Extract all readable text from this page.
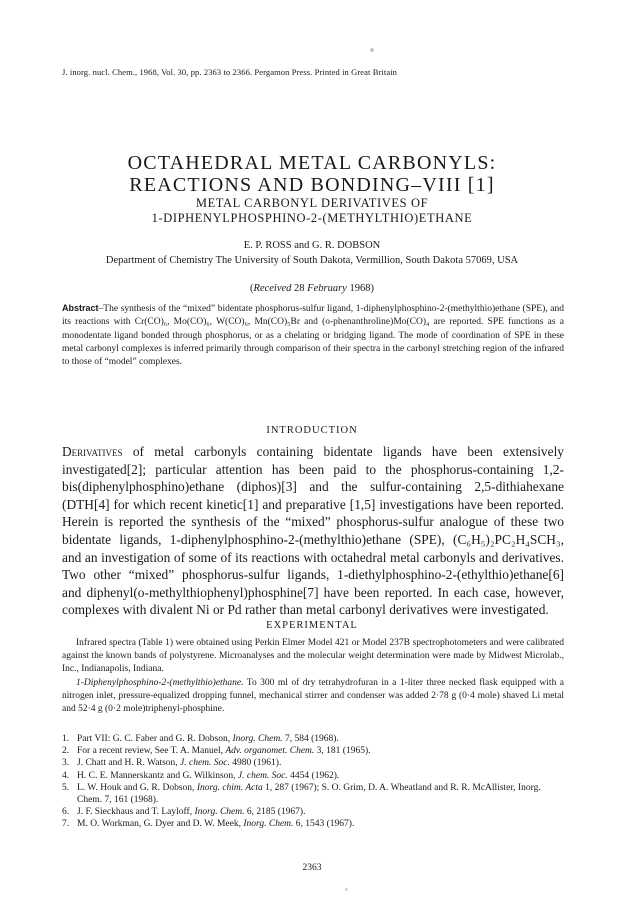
J. inorg. nucl. Chem., 1968, Vol. 30, pp. 2363 to 2366. Pergamon Press. Printed in Great Britain
OCTAHEDRAL METAL CARBONYLS:
REACTIONS AND BONDING–VIII [1]
METAL CARBONYL DERIVATIVES OF
1-DIPHENYLPHOSPHINO-2-(METHYLTHIO)ETHANE
E. P. ROSS and G. R. DOBSON
Department of Chemistry The University of South Dakota, Vermillion, South Dakota 57069, USA
(Received 28 February 1968)
Abstract–The synthesis of the “mixed” bidentate phosphorus-sulfur ligand, 1-diphenylphosphino-2-(methylthio)ethane (SPE), and its reactions with Cr(CO)₆, Mo(CO)₆, W(CO)₆, Mn(CO)₅Br and (o-phenanthroline)Mo(CO)₄ are reported. SPE functions as a monodentate ligand bonded through phosphorus, or as a chelating or bridging ligand. The mode of coordination of SPE in these metal carbonyl complexes is inferred primarily through comparison of their spectra in the carbonyl stretching region of the infrared to those of “model” complexes.
INTRODUCTION
Derivatives of metal carbonyls containing bidentate ligands have been extensively investigated[2]; particular attention has been paid to the phosphorus-containing 1,2-bis(diphenylphosphino)ethane (diphos)[3] and the sulfur-containing 2,5-dithiahexane (DTH[4] for which recent kinetic[1] and preparative [1,5] investigations have been reported. Herein is reported the synthesis of the “mixed” phosphorus-sulfur analogue of these two bidentate ligands, 1-diphenylphosphino-2-(methylthio)ethane (SPE), (C₆H₅)₂PC₂H₄SCH₃, and an investigation of some of its reactions with octahedral metal carbonyls and derivatives. Two other “mixed” phosphorus-sulfur ligands, 1-diethylphosphino-2-(ethylthio)ethane[6] and diphenyl(o-methylthiophenyl)phosphine[7] have been reported. In each case, however, complexes with divalent Ni or Pd rather than metal carbonyl derivatives were investigated.
EXPERIMENTAL

Infrared spectra (Table 1) were obtained using Perkin Elmer Model 421 or Model 237B spectrophotometers and were calibrated against the known bands of polystyrene. Microanalyses and the molecular weight determination were made by Midwest Microlab., Inc., Indianapolis, Indiana.

1-Diphenylphosphino-2-(methylthio)ethane. To 300 ml of dry tetrahydrofuran in a 1-liter three necked flask equipped with a nitrogen inlet, pressure-equalized dropping funnel, mechanical stirrer and condenser was added 2·78 g (0·4 mole) shaved Li metal and 52·4 g (0·2 mole)triphenyl-phosphine.

1. Part VII: G. C. Faber and G. R. Dobson, Inorg. Chem. 7, 584 (1968).
2. For a recent review, See T. A. Manuel, Adv. organomet. Chem. 3, 181 (1965).
3. J. Chatt and H. R. Watson, J. chem. Soc. 4980 (1961).
4. H. C. E. Mannerskantz and G. Wilkinson, J. chem. Soc. 4454 (1962).
5. L. W. Houk and G. R. Dobson, Inorg. chim. Acta 1, 287 (1967); S. O. Grim, D. A. Wheatland and R. R. McAllister, Inorg. Chem. 7, 161 (1968).
6. J. F. Sieckhaus and T. Layloff, Inorg. Chem. 6, 2185 (1967).
7. M. O. Workman, G. Dyer and D. W. Meek, Inorg. Chem. 6, 1543 (1967).
2363
